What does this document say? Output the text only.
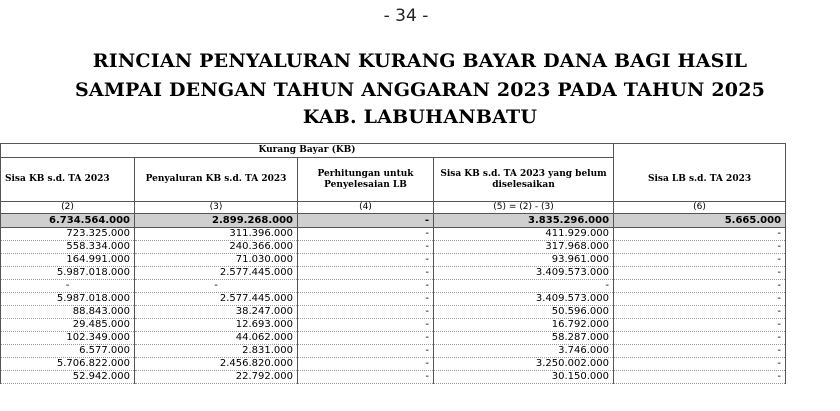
- 34 -
RINCIAN PENYALURAN KURANG BAYAR DANA BAGI HASIL
SAMPAI DENGAN TAHUN ANGGARAN 2023 PADA TAHUN 2025
KAB. LABUHANBATU
Kurang Bayar (KB)				
Sisa KB s.d. TA 2023	Penyaluran KB s.d. TA 2023	Perhitungan untuk Penyelesaian LB	Sisa KB s.d. TA 2023 yang belum diselesaikan	Sisa LB s.d. TA 2023
(2)	(3)	(4)	(5) = (2) - (3)	(6)
6.734.564.000	2.899.268.000	-	3.835.296.000	5.665.000
723.325.000	311.396.000	-	411.929.000	-
558.334.000	240.366.000	-	317.968.000	-
164.991.000	71.030.000	-	93.961.000	-
5.987.018.000	2.577.445.000	-	3.409.573.000	-
-	-	-	-	-
5.987.018.000	2.577.445.000	-	3.409.573.000	-
88.843.000	38.247.000	-	50.596.000	-
29.485.000	12.693.000	-	16.792.000	-
102.349.000	44.062.000	-	58.287.000	-
6.577.000	2.831.000	-	3.746.000	-
5.706.822.000	2.456.820.000	-	3.250.002.000	-
52.942.000	22.792.000	-	30.150.000	-
